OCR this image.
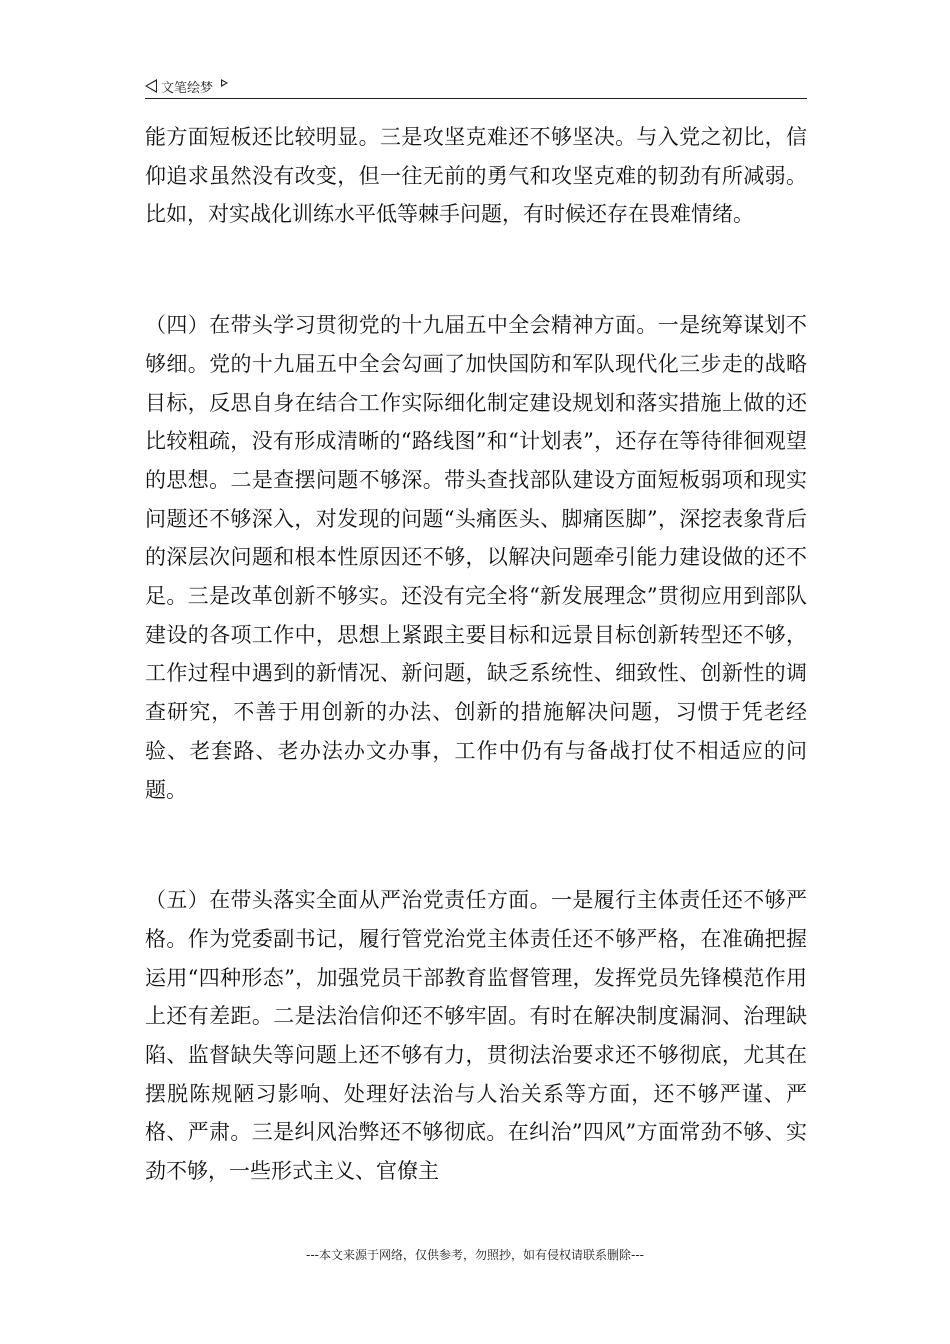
文笔绘梦

能方面短板还比较明显。三是攻坚克难还不够坚决。与入党之初比，信仰追求虽然没有改变，但一往无前的勇气和攻坚克难的韧劲有所减弱。比如，对实战化训练水平低等棘手问题，有时候还存在畏难情绪。

（四）在带头学习贯彻党的十九届五中全会精神方面。一是统筹谋划不够细。党的十九届五中全会勾画了加快国防和军队现代化三步走的战略目标，反思自身在结合工作实际细化制定建设规划和落实措施上做的还比较粗疏，没有形成清晰的“路线图”和“计划表”，还存在等待徘徊观望的思想。二是查摆问题不够深。带头查找部队建设方面短板弱项和现实问题还不够深入，对发现的问题“头痛医头、脚痛医脚”，深挖表象背后的深层次问题和根本性原因还不够，以解决问题牵引能力建设做的还不足。三是改革创新不够实。还没有完全将“新发展理念”贯彻应用到部队建设的各项工作中，思想上紧跟主要目标和远景目标创新转型还不够，工作过程中遇到的新情况、新问题，缺乏系统性、细致性、创新性的调查研究，不善于用创新的办法、创新的措施解决问题，习惯于凭老经验、老套路、老办法办文办事，工作中仍有与备战打仗不相适应的问题。

（五）在带头落实全面从严治党责任方面。一是履行主体责任还不够严格。作为党委副书记，履行管党治党主体责任还不够严格，在准确把握运用“四种形态”，加强党员干部教育监督管理，发挥党员先锋模范作用上还有差距。二是法治信仰还不够牢固。有时在解决制度漏洞、治理缺陷、监督缺失等问题上还不够有力，贯彻法治要求还不够彻底，尤其在摆脱陈规陋习影响、处理好法治与人治关系等方面，还不够严谨、严格、严肃。三是纠风治弊还不够彻底。在纠治”四风”方面常劲不够、实劲不够，一些形式主义、官僚主

---本文来源于网络，仅供参考，勿照抄，如有侵权请联系删除---
